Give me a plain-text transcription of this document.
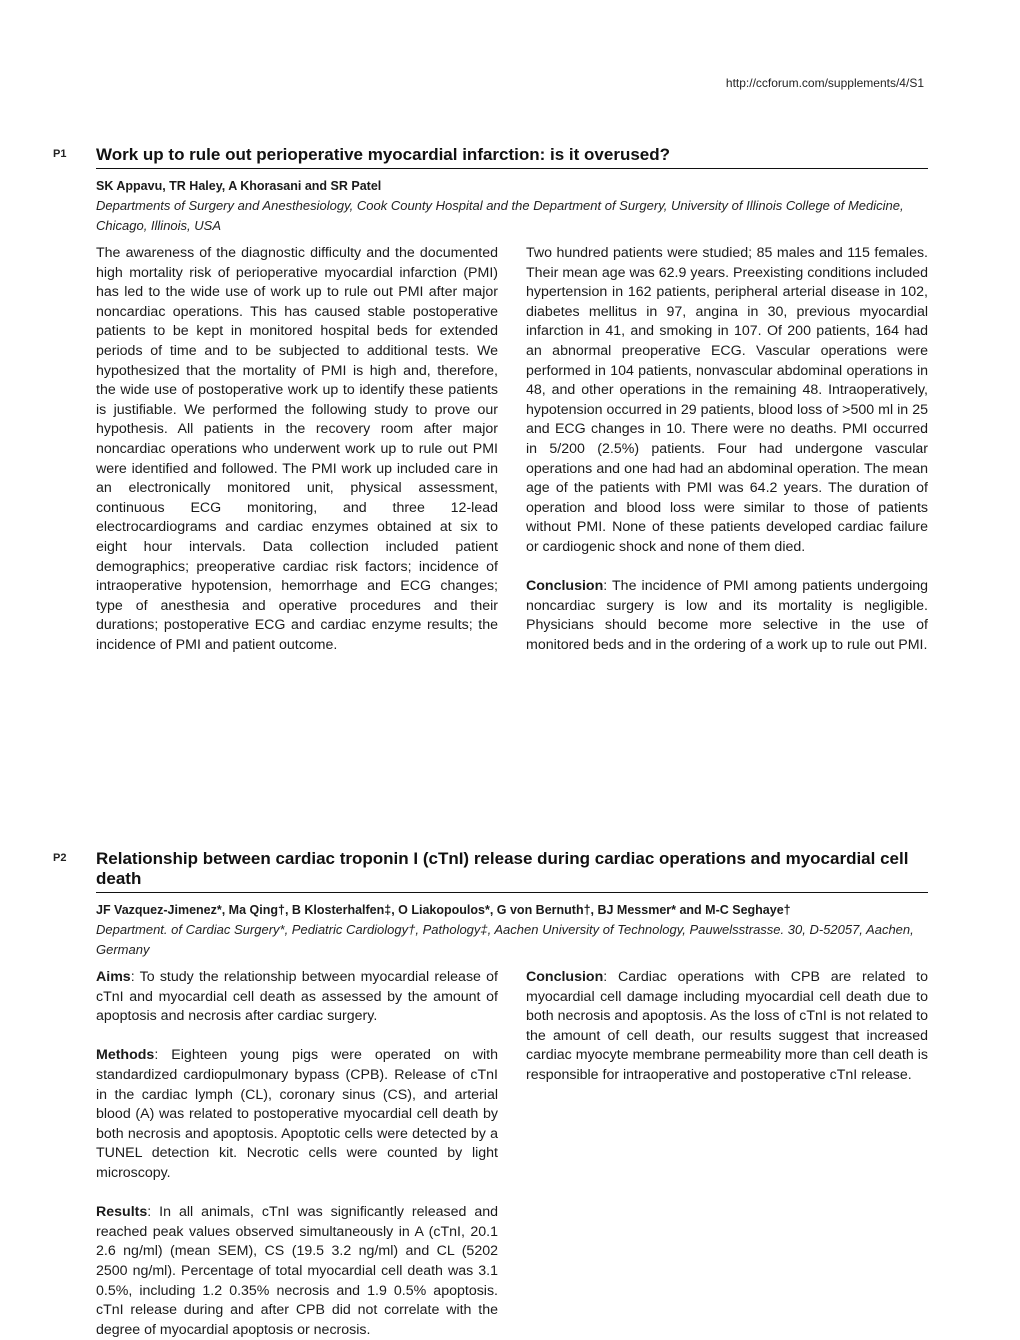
http://ccforum.com/supplements/4/S1
P1 Work up to rule out perioperative myocardial infarction: is it overused?
SK Appavu, TR Haley, A Khorasani and SR Patel
Departments of Surgery and Anesthesiology, Cook County Hospital and the Department of Surgery, University of Illinois College of Medicine, Chicago, Illinois, USA

The awareness of the diagnostic difficulty and the documented high mortality risk of perioperative myocardial infarction (PMI) has led to the wide use of work up to rule out PMI after major noncardiac operations. This has caused stable postoperative patients to be kept in monitored hospital beds for extended periods of time and to be subjected to additional tests. We hypothesized that the mortality of PMI is high and, therefore, the wide use of postoperative work up to identify these patients is justifiable. We performed the following study to prove our hypothesis. All patients in the recovery room after major noncardiac operations who underwent work up to rule out PMI were identified and followed. The PMI work up included care in an electronically monitored unit, physical assessment, continuous ECG monitoring, and three 12-lead electrocardiograms and cardiac enzymes obtained at six to eight hour intervals. Data collection included patient demographics; preoperative cardiac risk factors; incidence of intraoperative hypotension, hemorrhage and ECG changes; type of anesthesia and operative procedures and their durations; postoperative ECG and cardiac enzyme results; the incidence of PMI and patient outcome.

Two hundred patients were studied; 85 males and 115 females. Their mean age was 62.9 years. Preexisting conditions included hypertension in 162 patients, peripheral arterial disease in 102, diabetes mellitus in 97, angina in 30, previous myocardial infarction in 41, and smoking in 107. Of 200 patients, 164 had an abnormal preoperative ECG. Vascular operations were performed in 104 patients, nonvascular abdominal operations in 48, and other operations in the remaining 48. Intraoperatively, hypotension occurred in 29 patients, blood loss of >500 ml in 25 and ECG changes in 10. There were no deaths. PMI occurred in 5/200 (2.5%) patients. Four had undergone vascular operations and one had had an abdominal operation. The mean age of the patients with PMI was 64.2 years. The duration of operation and blood loss were similar to those of patients without PMI. None of these patients developed cardiac failure or cardiogenic shock and none of them died.

Conclusion: The incidence of PMI among patients undergoing noncardiac surgery is low and its mortality is negligible. Physicians should become more selective in the use of monitored beds and in the ordering of a work up to rule out PMI.

P2 Relationship between cardiac troponin I (cTnI) release during cardiac operations and myocardial cell death
JF Vazquez-Jimenez*, Ma Qing†, B Klosterhalfen‡, O Liakopoulos*, G von Bernuth†, BJ Messmer* and M-C Seghaye†
Department. of Cardiac Surgery*, Pediatric Cardiology†, Pathology‡, Aachen University of Technology, Pauwelsstrasse. 30, D-52057, Aachen, Germany

Aims: To study the relationship between myocardial release of cTnI and myocardial cell death as assessed by the amount of apoptosis and necrosis after cardiac surgery.

Methods: Eighteen young pigs were operated on with standardized cardiopulmonary bypass (CPB). Release of cTnI in the cardiac lymph (CL), coronary sinus (CS), and arterial blood (A) was related to postoperative myocardial cell death by both necrosis and apoptosis. Apoptotic cells were detected by a TUNEL detection kit. Necrotic cells were counted by light microscopy.

Results: In all animals, cTnI was significantly released and reached peak values observed simultaneously in A (cTnI, 20.1 2.6 ng/ml) (mean SEM), CS (19.5 3.2 ng/ml) and CL (5202 2500 ng/ml). Percentage of total myocardial cell death was 3.1 0.5%, including 1.2 0.35% necrosis and 1.9 0.5% apoptosis. cTnI release during and after CPB did not correlate with the degree of myocardial apoptosis or necrosis.

Conclusion: Cardiac operations with CPB are related to myocardial cell damage including myocardial cell death due to both necrosis and apoptosis. As the loss of cTnI is not related to the amount of cell death, our results suggest that increased cardiac myocyte membrane permeability more than cell death is responsible for intraoperative and postoperative cTnI release.
